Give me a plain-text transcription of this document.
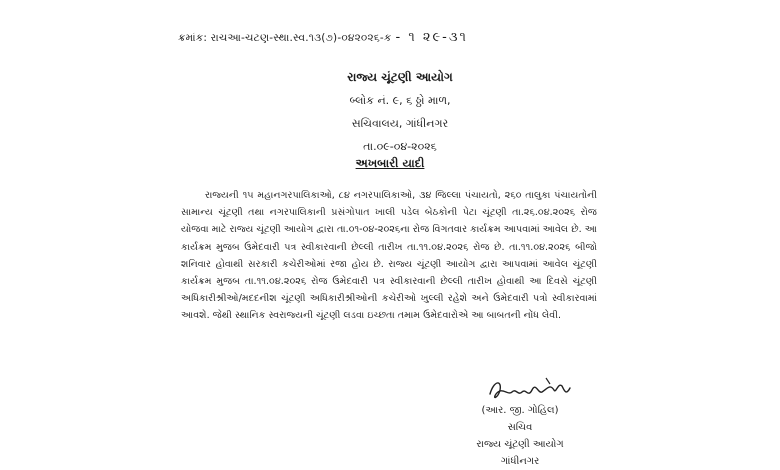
ક્રમાંક: રાચઆ-ચટણ-સ્થા.સ્વ.૧૩(૭)-૦૪૨૦૨૬-ક - ૧ ૨૯-૩૧
રાજ્ય ચૂંટણી આયોગ
બ્લોક નં. ૯, ૬ ઠ્ઠો માળ,
સચિવાલય, ગાંધીનગર
તા.૦૯-૦૪-૨૦૨૬
અખબારી યાદી
રાજ્યની ૧૫ મહાનગરપાલિકાઓ, ૮૪ નગરપાલિકાઓ, ૩૪ જિલ્લા પંચાયતો, ૨૬૦ તાલુકા પંચાયતોની સામાન્ય ચૂંટણી તથા નગરપાલિકાની પ્રસંગોપાત ખાલી પડેલ બેઠકોની પેટા ચૂંટણી તા.૨૬.૦૪.૨૦૨૬ રોજ યોજવા માટે રાજ્ય ચૂંટણી આયોગ દ્વારા તા.૦૧-૦૪-૨૦૨૬ના રોજ વિગતવાર કાર્યક્રમ આપવામાં આવેલ છે. આ કાર્યક્રમ મુજબ ઉમેદવારી પત્ર સ્વીકારવાની છેલ્લી તારીખ તા.૧૧.૦૪.૨૦૨૬ રોજ છે. તા.૧૧.૦૪.૨૦૨૬ બીજો શનિવાર હોવાથી સરકારી કચેરીઓમાં રજા હોય છે. રાજ્ય ચૂંટણી આયોગ દ્વારા આપવામાં આવેલ ચૂંટણી કાર્યક્રમ મુજબ તા.૧૧.૦૪.૨૦૨૬ રોજ ઉમેદવારી પત્ર સ્વીકારવાની છેલ્લી તારીખ હોવાથી આ દિવસે ચૂંટણી અધિકારીશ્રીઓ/મદદનીશ ચૂંટણી અધિકારીશ્રીઓની કચેરીઓ ખુલ્લી રહેશે અને ઉમેદવારી પત્રો સ્વીકારવામાં આવશે. જેથી સ્થાનિક સ્વરાજ્યની ચૂંટણી લડવા ઇચ્છતા તમામ ઉમેદવારોએ આ બાબતની નોંધ લેવી.
(આર. જી. ગોહિલ)
સચિવ
રાજ્ય ચૂંટણી આયોગ
ગાંધીનગર
